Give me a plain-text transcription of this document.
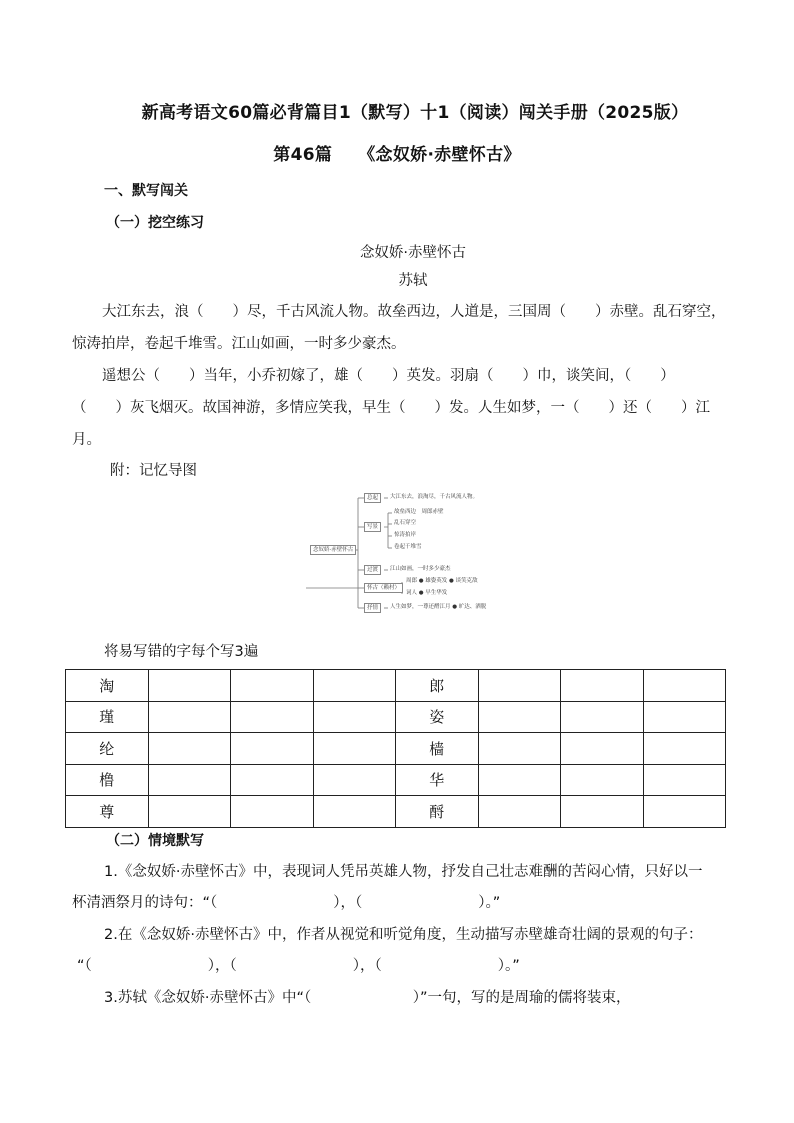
新高考语文60篇必背篇目1（默写）十1（阅读）闯关手册（2025版）
第46篇　　《念奴娇·赤壁怀古》
一、默写闯关
（一）挖空练习
念奴娇·赤壁怀古
苏轼
大江东去，浪（　　）尽，千古风流人物。故垒西边，人道是，三国周（　　）赤壁。乱石穿空，
惊涛拍岸，卷起千堆雪。江山如画，一时多少豪杰。
遥想公（　　）当年，小乔初嫁了，雄（　　）英发。羽扇（　　）巾，谈笑间，（　　）
（　　）灰飞烟灭。故国神游，多情应笑我，早生（　　）发。人生如梦，一（　　）还（　　）江
月。
附：记忆导图
念奴娇·赤壁怀古
总起	大江东去，浪淘尽，千古风流人物。
写景
故垒西边　周郎赤壁
乱石穿空
惊涛拍岸
卷起千堆雪
过渡	江山如画，一时多少豪杰
怀古（赖村）
周郎 ● 雄姿英发 ● 谈笑克敌
词人 ● 早生华发
抒情	人生如梦，一尊还酹江月 ● 旷达、洒脱
将易写错的字每个写3遍
淘				郎			
瑾				姿			
纶				樯			
橹				华			
尊				酹			
（二）情境默写
1.《念奴娇·赤壁怀古》中，表现词人凭吊英雄人物，抒发自己壮志难酬的苦闷心情，只好以一
杯清酒祭月的诗句：“（　　　　　　　　），（　　　　　　　　）。”
2.在《念奴娇·赤壁怀古》中，作者从视觉和听觉角度，生动描写赤壁雄奇壮阔的景观的句子：
“（　　　　　　　　），（　　　　　　　　），（　　　　　　　　）。”
3.苏轼《念奴娇·赤壁怀古》中“（　　　　　　　）”一句，写的是周瑜的儒将装束，
